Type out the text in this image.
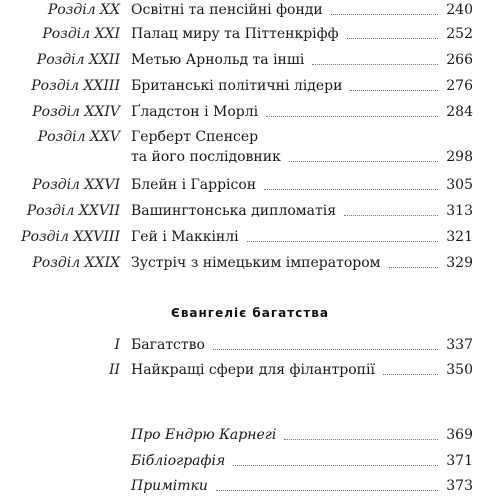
Розділ XX Освітні та пенсійні фонди	240
Розділ XXI Палац миру та Піттенкріфф	252
Розділ XXII Метью Арнольд та інші	266
Розділ XXIII Британські політичні лідери	276
Розділ XXIV Ґладстон і Морлі	284
Розділ XXV Герберт Спенсер
та його послідовник	298
Розділ XXVI Блейн і Гаррісон	305
Розділ XXVII Вашингтонська дипломатія	313
Розділ XXVIII Гей і Маккінлі	321
Розділ XXIX Зустріч з німецьким імператором	329
Євангеліє багатства
I Багатство	337
II Найкращі сфери для філантропії	350
Про Ендрю Карнегі	369
Бібліографія	371
Примітки	373
